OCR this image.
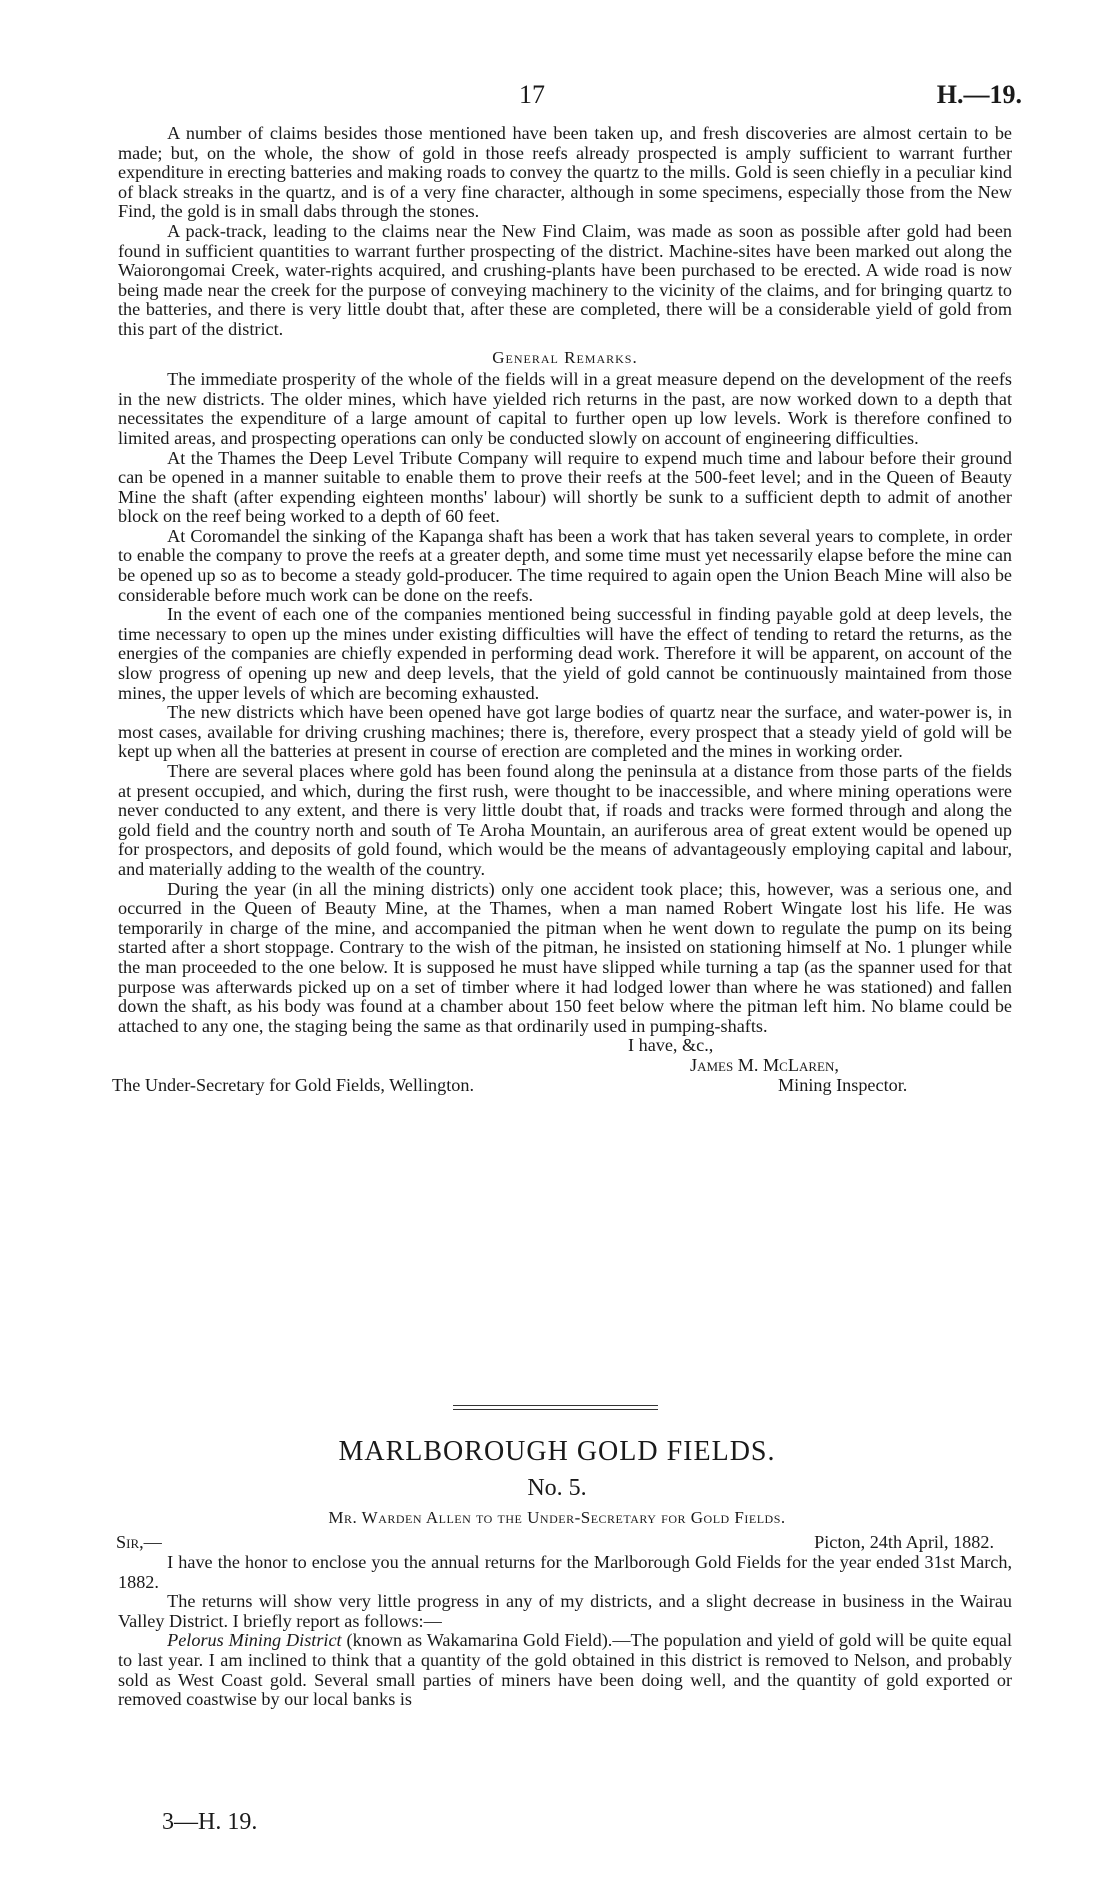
17	H.—19.

A number of claims besides those mentioned have been taken up, and fresh discoveries are almost certain to be made; but, on the whole, the show of gold in those reefs already prospected is amply sufficient to warrant further expenditure in erecting batteries and making roads to convey the quartz to the mills. Gold is seen chiefly in a peculiar kind of black streaks in the quartz, and is of a very fine character, although in some specimens, especially those from the New Find, the gold is in small dabs through the stones.

A pack-track, leading to the claims near the New Find Claim, was made as soon as possible after gold had been found in sufficient quantities to warrant further prospecting of the district. Machine-sites have been marked out along the Waiorongomai Creek, water-rights acquired, and crushing-plants have been purchased to be erected. A wide road is now being made near the creek for the purpose of conveying machinery to the vicinity of the claims, and for bringing quartz to the batteries, and there is very little doubt that, after these are completed, there will be a considerable yield of gold from this part of the district.

General Remarks.

The immediate prosperity of the whole of the fields will in a great measure depend on the development of the reefs in the new districts. The older mines, which have yielded rich returns in the past, are now worked down to a depth that necessitates the expenditure of a large amount of capital to further open up low levels. Work is therefore confined to limited areas, and prospecting operations can only be conducted slowly on account of engineering difficulties.

At the Thames the Deep Level Tribute Company will require to expend much time and labour before their ground can be opened in a manner suitable to enable them to prove their reefs at the 500-feet level; and in the Queen of Beauty Mine the shaft (after expending eighteen months' labour) will shortly be sunk to a sufficient depth to admit of another block on the reef being worked to a depth of 60 feet.

At Coromandel the sinking of the Kapanga shaft has been a work that has taken several years to complete, in order to enable the company to prove the reefs at a greater depth, and some time must yet necessarily elapse before the mine can be opened up so as to become a steady gold-producer. The time required to again open the Union Beach Mine will also be considerable before much work can be done on the reefs.

In the event of each one of the companies mentioned being successful in finding payable gold at deep levels, the time necessary to open up the mines under existing difficulties will have the effect of tending to retard the returns, as the energies of the companies are chiefly expended in performing dead work. Therefore it will be apparent, on account of the slow progress of opening up new and deep levels, that the yield of gold cannot be continuously maintained from those mines, the upper levels of which are becoming exhausted.

The new districts which have been opened have got large bodies of quartz near the surface, and water-power is, in most cases, available for driving crushing machines; there is, therefore, every prospect that a steady yield of gold will be kept up when all the batteries at present in course of erection are completed and the mines in working order.

There are several places where gold has been found along the peninsula at a distance from those parts of the fields at present occupied, and which, during the first rush, were thought to be inaccessible, and where mining operations were never conducted to any extent, and there is very little doubt that, if roads and tracks were formed through and along the gold field and the country north and south of Te Aroha Mountain, an auriferous area of great extent would be opened up for prospectors, and deposits of gold found, which would be the means of advantageously employing capital and labour, and materially adding to the wealth of the country.

During the year (in all the mining districts) only one accident took place; this, however, was a serious one, and occurred in the Queen of Beauty Mine, at the Thames, when a man named Robert Wingate lost his life. He was temporarily in charge of the mine, and accompanied the pitman when he went down to regulate the pump on its being started after a short stoppage. Contrary to the wish of the pitman, he insisted on stationing himself at No. 1 plunger while the man proceeded to the one below. It is supposed he must have slipped while turning a tap (as the spanner used for that purpose was afterwards picked up on a set of timber where it had lodged lower than where he was stationed) and fallen down the shaft, as his body was found at a chamber about 150 feet below where the pitman left him. No blame could be attached to any one, the staging being the same as that ordinarily used in pumping-shafts.

I have, &c.,
James M. McLaren,
The Under-Secretary for Gold Fields, Wellington.	Mining Inspector.
MARLBOROUGH GOLD FIELDS.
No. 5.
Mr. Warden Allen to the Under-Secretary for Gold Fields.
Sir,—	Picton, 24th April, 1882.

I have the honor to enclose you the annual returns for the Marlborough Gold Fields for the year ended 31st March, 1882.

The returns will show very little progress in any of my districts, and a slight decrease in business in the Wairau Valley District. I briefly report as follows:—

Pelorus Mining District (known as Wakamarina Gold Field).—The population and yield of gold will be quite equal to last year. I am inclined to think that a quantity of the gold obtained in this district is removed to Nelson, and probably sold as West Coast gold. Several small parties of miners have been doing well, and the quantity of gold exported or removed coastwise by our local banks is

3—H. 19.
